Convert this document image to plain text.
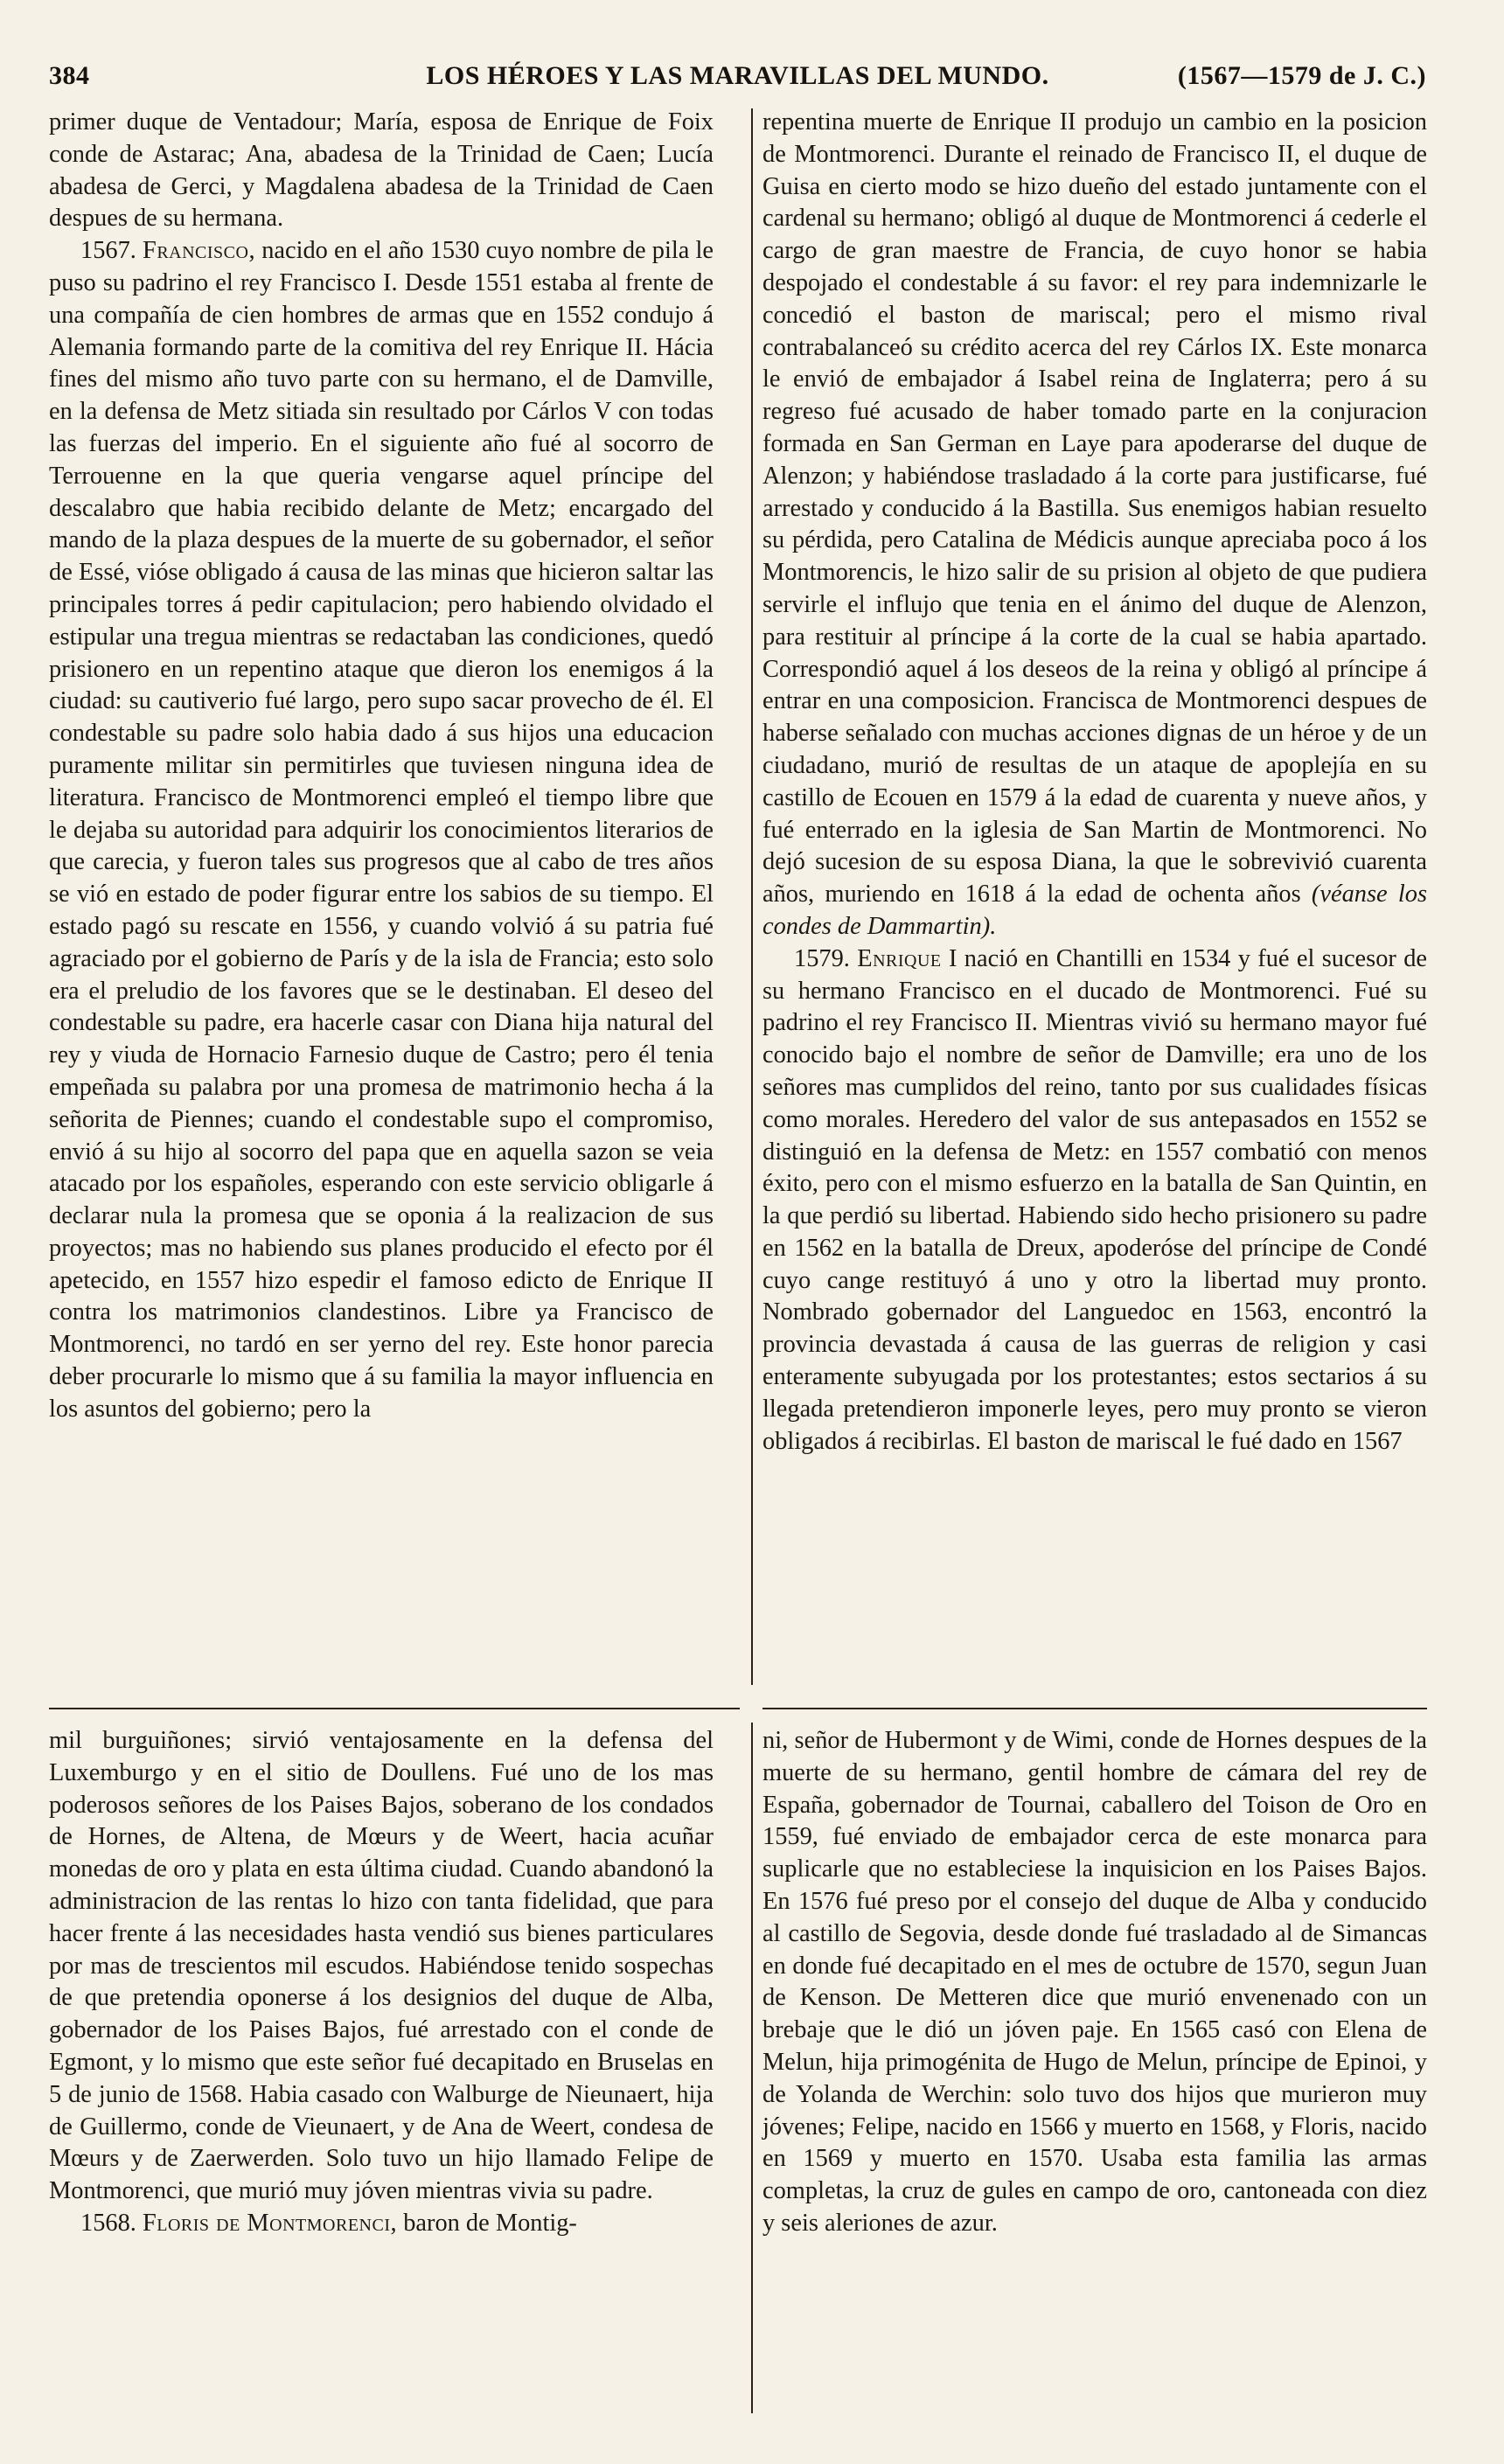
384	LOS HÉROES Y LAS MARAVILLAS DEL MUNDO.	(1567—1579 de J. C.)

primer duque de Ventadour; María, esposa de Enrique de Foix conde de Astarac; Ana, abadesa de la Trinidad de Caen; Lucía abadesa de Gerci, y Magdalena abadesa de la Trinidad de Caen despues de su hermana.

1567. Francisco, nacido en el año 1530 cuyo nombre de pila le puso su padrino el rey Francisco I. Desde 1551 estaba al frente de una compañía de cien hombres de armas que en 1552 condujo á Alemania formando parte de la comitiva del rey Enrique II. Hácia fines del mismo año tuvo parte con su hermano, el de Damville, en la defensa de Metz sitiada sin resultado por Cárlos V con todas las fuerzas del imperio. En el siguiente año fué al socorro de Terrouenne en la que queria vengarse aquel príncipe del descalabro que habia recibido delante de Metz; encargado del mando de la plaza despues de la muerte de su gobernador, el señor de Essé, vióse obligado á causa de las minas que hicieron saltar las principales torres á pedir capitulacion; pero habiendo olvidado el estipular una tregua mientras se redactaban las condiciones, quedó prisionero en un repentino ataque que dieron los enemigos á la ciudad: su cautiverio fué largo, pero supo sacar provecho de él. El condestable su padre solo habia dado á sus hijos una educacion puramente militar sin permitirles que tuviesen ninguna idea de literatura. Francisco de Montmorenci empleó el tiempo libre que le dejaba su autoridad para adquirir los conocimientos literarios de que carecia, y fueron tales sus progresos que al cabo de tres años se vió en estado de poder figurar entre los sabios de su tiempo. El estado pagó su rescate en 1556, y cuando volvió á su patria fué agraciado por el gobierno de París y de la isla de Francia; esto solo era el preludio de los favores que se le destinaban. El deseo del condestable su padre, era hacerle casar con Diana hija natural del rey y viuda de Hornacio Farnesio duque de Castro; pero él tenia empeñada su palabra por una promesa de matrimonio hecha á la señorita de Piennes; cuando el condestable supo el compromiso, envió á su hijo al socorro del papa que en aquella sazon se veia atacado por los españoles, esperando con este servicio obligarle á declarar nula la promesa que se oponia á la realizacion de sus proyectos; mas no habiendo sus planes producido el efecto por él apetecido, en 1557 hizo espedir el famoso edicto de Enrique II contra los matrimonios clandestinos. Libre ya Francisco de Montmorenci, no tardó en ser yerno del rey. Este honor parecia deber procurarle lo mismo que á su familia la mayor influencia en los asuntos del gobierno; pero la

repentina muerte de Enrique II produjo un cambio en la posicion de Montmorenci. Durante el reinado de Francisco II, el duque de Guisa en cierto modo se hizo dueño del estado juntamente con el cardenal su hermano; obligó al duque de Montmorenci á cederle el cargo de gran maestre de Francia, de cuyo honor se habia despojado el condestable á su favor: el rey para indemnizarle le concedió el baston de mariscal; pero el mismo rival contrabalanceó su crédito acerca del rey Cárlos IX. Este monarca le envió de embajador á Isabel reina de Inglaterra; pero á su regreso fué acusado de haber tomado parte en la conjuracion formada en San German en Laye para apoderarse del duque de Alenzon; y habiéndose trasladado á la corte para justificarse, fué arrestado y conducido á la Bastilla. Sus enemigos habian resuelto su pérdida, pero Catalina de Médicis aunque apreciaba poco á los Montmorencis, le hizo salir de su prision al objeto de que pudiera servirle el influjo que tenia en el ánimo del duque de Alenzon, para restituir al príncipe á la corte de la cual se habia apartado. Correspondió aquel á los deseos de la reina y obligó al príncipe á entrar en una composicion. Francisca de Montmorenci despues de haberse señalado con muchas acciones dignas de un héroe y de un ciudadano, murió de resultas de un ataque de apoplejía en su castillo de Ecouen en 1579 á la edad de cuarenta y nueve años, y fué enterrado en la iglesia de San Martin de Montmorenci. No dejó sucesion de su esposa Diana, la que le sobrevivió cuarenta años, muriendo en 1618 á la edad de ochenta años (véanse los condes de Dammartin).

1579. Enrique I nació en Chantilli en 1534 y fué el sucesor de su hermano Francisco en el ducado de Montmorenci. Fué su padrino el rey Francisco II. Mientras vivió su hermano mayor fué conocido bajo el nombre de señor de Damville; era uno de los señores mas cumplidos del reino, tanto por sus cualidades físicas como morales. Heredero del valor de sus antepasados en 1552 se distinguió en la defensa de Metz: en 1557 combatió con menos éxito, pero con el mismo esfuerzo en la batalla de San Quintin, en la que perdió su libertad. Habiendo sido hecho prisionero su padre en 1562 en la batalla de Dreux, apoderóse del príncipe de Condé cuyo cange restituyó á uno y otro la libertad muy pronto. Nombrado gobernador del Languedoc en 1563, encontró la provincia devastada á causa de las guerras de religion y casi enteramente subyugada por los protestantes; estos sectarios á su llegada pretendieron imponerle leyes, pero muy pronto se vieron obligados á recibirlas. El baston de mariscal le fué dado en 1567

mil burguiñones; sirvió ventajosamente en la defensa del Luxemburgo y en el sitio de Doullens. Fué uno de los mas poderosos señores de los Paises Bajos, soberano de los condados de Hornes, de Altena, de Mœurs y de Weert, hacia acuñar monedas de oro y plata en esta última ciudad. Cuando abandonó la administracion de las rentas lo hizo con tanta fidelidad, que para hacer frente á las necesidades hasta vendió sus bienes particulares por mas de trescientos mil escudos. Habiéndose tenido sospechas de que pretendia oponerse á los designios del duque de Alba, gobernador de los Paises Bajos, fué arrestado con el conde de Egmont, y lo mismo que este señor fué decapitado en Bruselas en 5 de junio de 1568. Habia casado con Walburge de Nieunaert, hija de Guillermo, conde de Vieunaert, y de Ana de Weert, condesa de Mœurs y de Zaerwerden. Solo tuvo un hijo llamado Felipe de Montmorenci, que murió muy jóven mientras vivia su padre.

1568. Floris de Montmorenci, baron de Montig-

ni, señor de Hubermont y de Wimi, conde de Hornes despues de la muerte de su hermano, gentil hombre de cámara del rey de España, gobernador de Tournai, caballero del Toison de Oro en 1559, fué enviado de embajador cerca de este monarca para suplicarle que no estableciese la inquisicion en los Paises Bajos. En 1576 fué preso por el consejo del duque de Alba y conducido al castillo de Segovia, desde donde fué trasladado al de Simancas en donde fué decapitado en el mes de octubre de 1570, segun Juan de Kenson. De Metteren dice que murió envenenado con un brebaje que le dió un jóven paje. En 1565 casó con Elena de Melun, hija primogénita de Hugo de Melun, príncipe de Epinoi, y de Yolanda de Werchin: solo tuvo dos hijos que murieron muy jóvenes; Felipe, nacido en 1566 y muerto en 1568, y Floris, nacido en 1569 y muerto en 1570. Usaba esta familia las armas completas, la cruz de gules en campo de oro, cantoneada con diez y seis aleriones de azur.
